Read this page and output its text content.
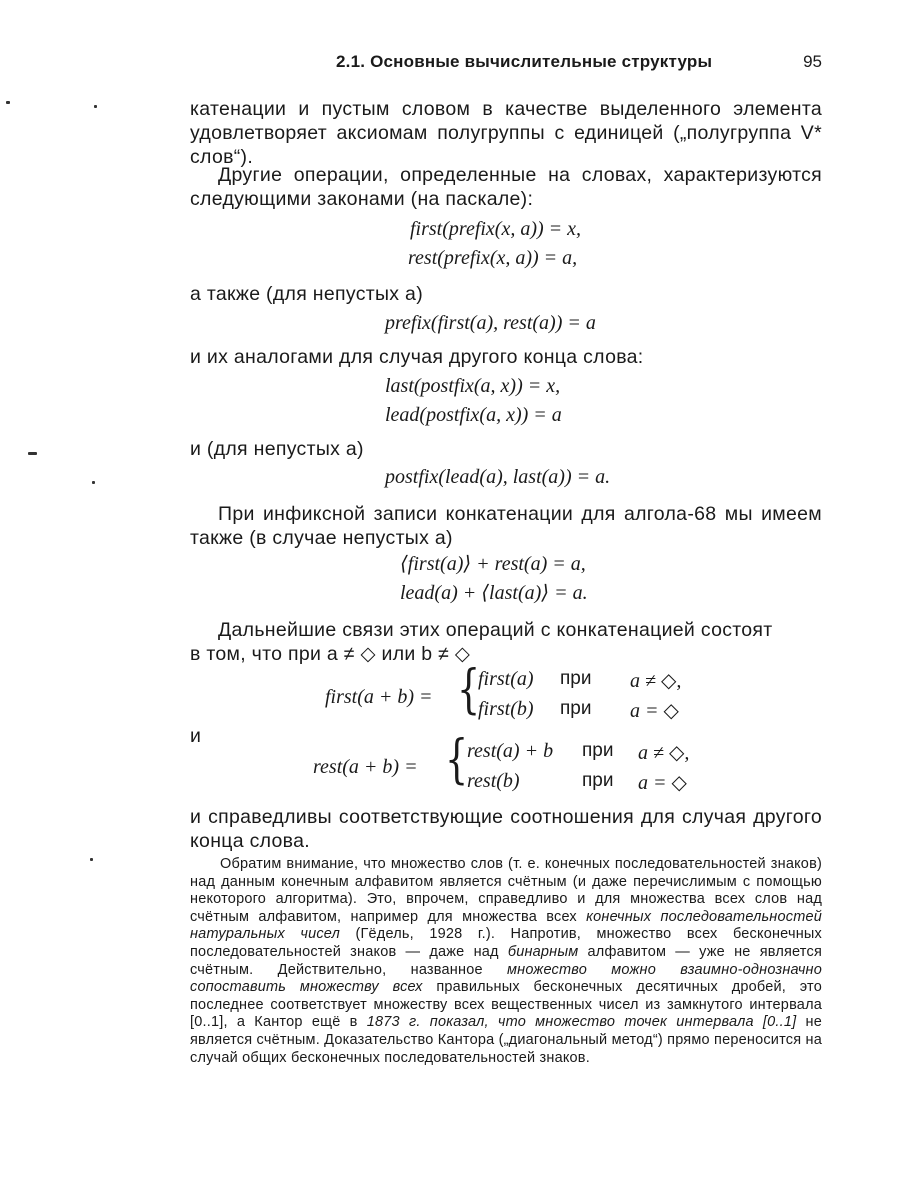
2.1. Основные вычислительные структуры	95
катенации и пустым словом в качестве выделенного элемента удовлетворяет аксиомам полугруппы с единицей („полугруппа V* слов“).
Другие операции, определенные на словах, характеризуются следующими законами (на паскале):
first(prefix(x, a)) = x,
rest(prefix(x, a)) = a,
а также (для непустых a)
prefix(first(a), rest(a)) = a
и их аналогами для случая другого конца слова:
last(postfix(a, x)) = x,
lead(postfix(a, x)) = a
и (для непустых a)
postfix(lead(a), last(a)) = a.
При инфиксной записи конкатенации для алгола-68 мы имеем также (в случае непустых a)
⟨first(a)⟩ + rest(a) = a,
lead(a) + ⟨last(a)⟩ = a.
Дальнейшие связи этих операций с конкатенацией состоят
в том, что при a ≠ ◇ или b ≠ ◇
first(a + b) = {
first(a)
first(b)
при
при
a ≠ ◇,
a = ◇
и
rest(a + b) = {
rest(a) + b
rest(b)
при
при
a ≠ ◇,
a = ◇
и справедливы соответствующие соотношения для случая другого конца слова.
Обратим внимание, что множество слов (т. е. конечных последовательностей знаков) над данным конечным алфавитом является счётным (и даже перечислимым с помощью некоторого алгоритма). Это, впрочем, справедливо и для множества всех слов над счётным алфавитом, например для множества всех конечных последовательностей натуральных чисел (Гёдель, 1928 г.). Напротив, множество всех бесконечных последовательностей знаков — даже над бинарным алфавитом — уже не является счётным. Действительно, названное множество можно взаимно-однозначно сопоставить множеству всех правильных бесконечных десятичных дробей, это последнее соответствует множеству всех вещественных чисел из замкнутого интервала [0..1], а Кантор ещё в 1873 г. показал, что множество точек интервала [0..1] не является счётным. Доказательство Кантора („диагональный метод“) прямо переносится на случай общих бесконечных последовательностей знаков.
